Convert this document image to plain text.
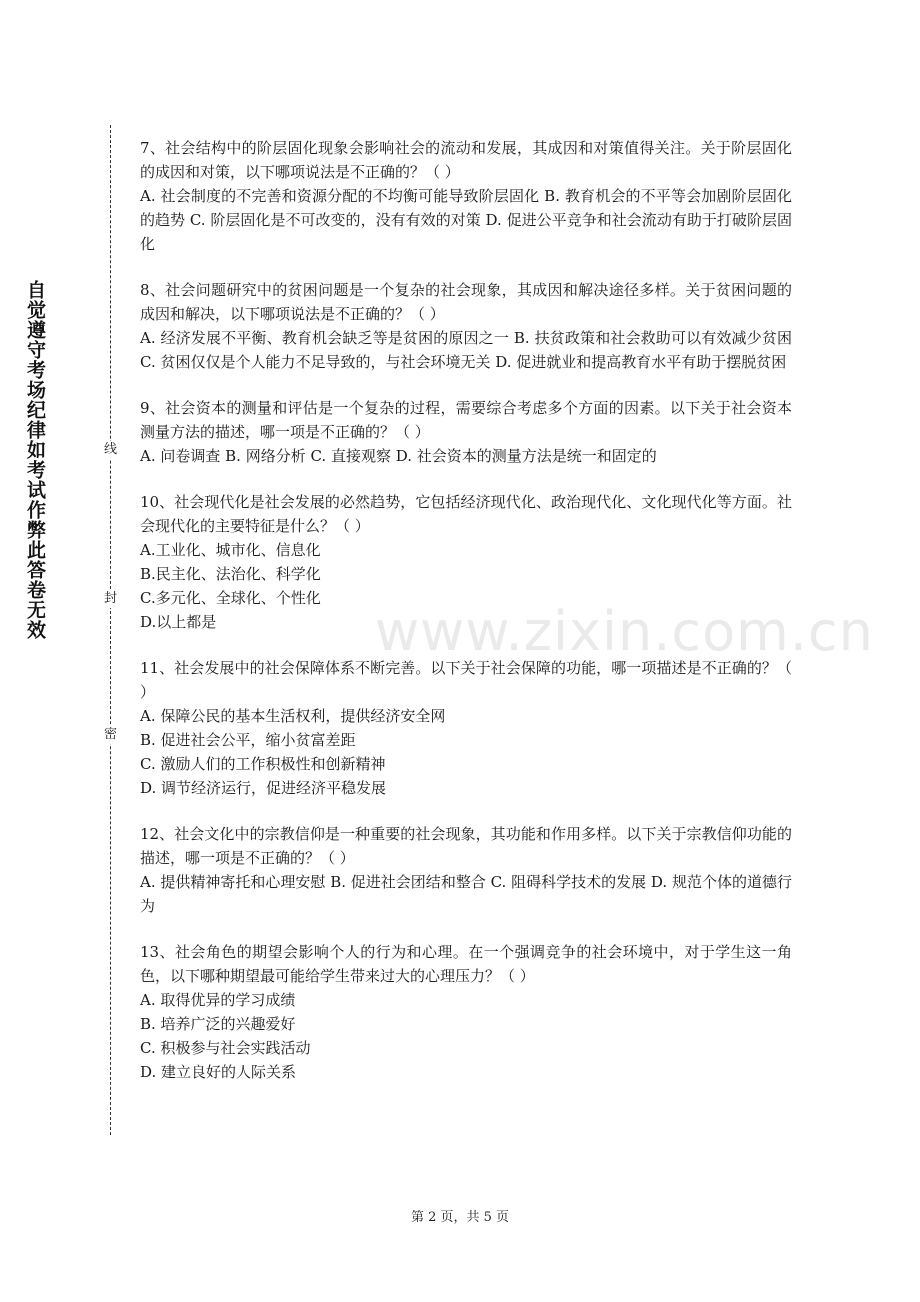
自觉遵守考场纪律如考试作弊此答卷无效	线
封
密
www.zixin.com.cn

7、社会结构中的阶层固化现象会影响社会的流动和发展，其成因和对策值得关注。关于阶层固化的成因和对策，以下哪项说法是不正确的？（ ）

A. 社会制度的不完善和资源分配的不均衡可能导致阶层固化 B. 教育机会的不平等会加剧阶层固化的趋势 C. 阶层固化是不可改变的，没有有效的对策 D. 促进公平竞争和社会流动有助于打破阶层固化

8、社会问题研究中的贫困问题是一个复杂的社会现象，其成因和解决途径多样。关于贫困问题的成因和解决，以下哪项说法是不正确的？（ ）

A. 经济发展不平衡、教育机会缺乏等是贫困的原因之一 B. 扶贫政策和社会救助可以有效减少贫困 C. 贫困仅仅是个人能力不足导致的，与社会环境无关 D. 促进就业和提高教育水平有助于摆脱贫困

9、社会资本的测量和评估是一个复杂的过程，需要综合考虑多个方面的因素。以下关于社会资本测量方法的描述，哪一项是不正确的？（ ）

A. 问卷调查 B. 网络分析 C. 直接观察 D. 社会资本的测量方法是统一和固定的

10、社会现代化是社会发展的必然趋势，它包括经济现代化、政治现代化、文化现代化等方面。社会现代化的主要特征是什么？（ ）

A.工业化、城市化、信息化

B.民主化、法治化、科学化

C.多元化、全球化、个性化

D.以上都是

11、社会发展中的社会保障体系不断完善。以下关于社会保障的功能，哪一项描述是不正确的？（ ）

A. 保障公民的基本生活权利，提供经济安全网

B. 促进社会公平，缩小贫富差距

C. 激励人们的工作积极性和创新精神

D. 调节经济运行，促进经济平稳发展

12、社会文化中的宗教信仰是一种重要的社会现象，其功能和作用多样。以下关于宗教信仰功能的描述，哪一项是不正确的？（ ）

A. 提供精神寄托和心理安慰 B. 促进社会团结和整合 C. 阻碍科学技术的发展 D. 规范个体的道德行为

13、社会角色的期望会影响个人的行为和心理。在一个强调竞争的社会环境中，对于学生这一角色，以下哪种期望最可能给学生带来过大的心理压力？（ ）

A. 取得优异的学习成绩

B. 培养广泛的兴趣爱好

C. 积极参与社会实践活动

D. 建立良好的人际关系

第 2 页，共 5 页
